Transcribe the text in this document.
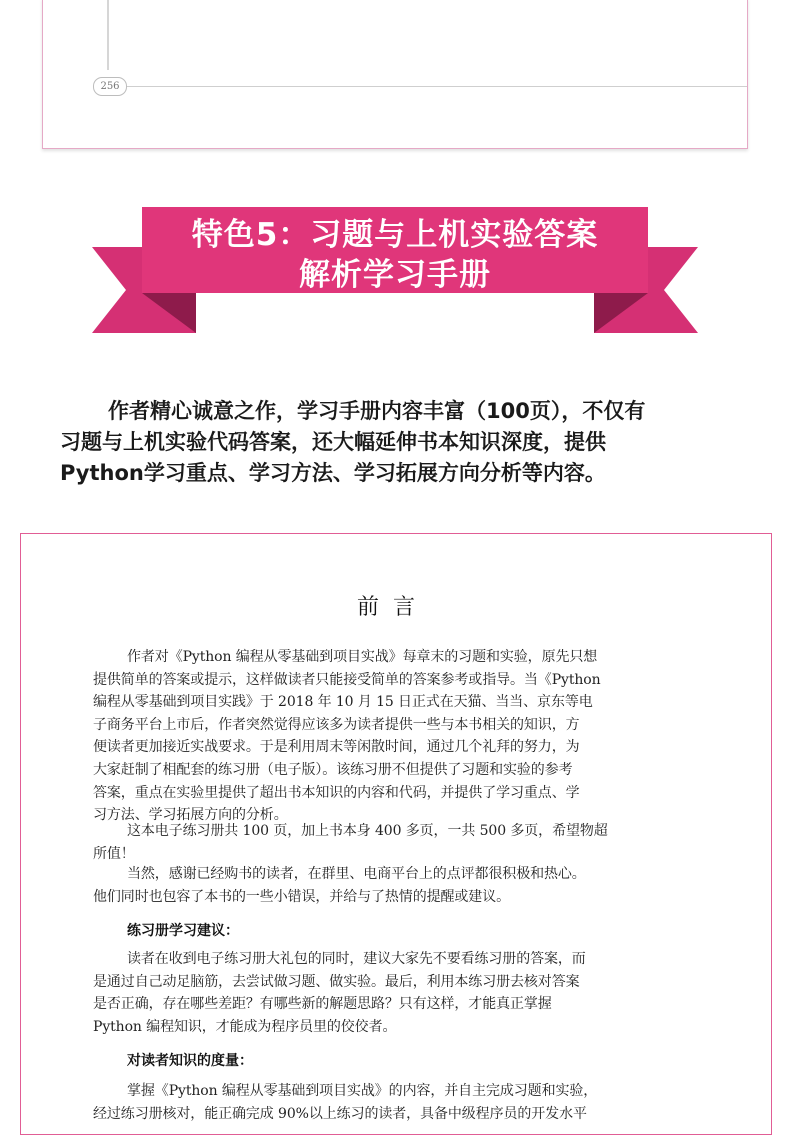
256
特色5：习题与上机实验答案
解析学习手册
作者精心诚意之作，学习手册内容丰富（100页），不仅有
习题与上机实验代码答案，还大幅延伸书本知识深度，提供
Python学习重点、学习方法、学习拓展方向分析等内容。
前言
作者对《Python 编程从零基础到项目实战》每章末的习题和实验，原先只想
提供简单的答案或提示，这样做读者只能接受简单的答案参考或指导。当《Python
编程从零基础到项目实践》于 2018 年 10 月 15 日正式在天猫、当当、京东等电
子商务平台上市后，作者突然觉得应该多为读者提供一些与本书相关的知识，方
便读者更加接近实战要求。于是利用周末等闲散时间，通过几个礼拜的努力，为
大家赶制了相配套的练习册（电子版）。该练习册不但提供了习题和实验的参考
答案，重点在实验里提供了超出书本知识的内容和代码，并提供了学习重点、学
习方法、学习拓展方向的分析。
这本电子练习册共 100 页，加上书本身 400 多页，一共 500 多页，希望物超
所值！
当然，感谢已经购书的读者，在群里、电商平台上的点评都很积极和热心。
他们同时也包容了本书的一些小错误，并给与了热情的提醒或建议。
练习册学习建议：
读者在收到电子练习册大礼包的同时，建议大家先不要看练习册的答案，而
是通过自己动足脑筋，去尝试做习题、做实验。最后，利用本练习册去核对答案
是否正确，存在哪些差距？有哪些新的解题思路？只有这样，才能真正掌握
Python 编程知识，才能成为程序员里的佼佼者。
对读者知识的度量：
掌握《Python 编程从零基础到项目实战》的内容，并自主完成习题和实验，
经过练习册核对，能正确完成 90%以上练习的读者，具备中级程序员的开发水平
